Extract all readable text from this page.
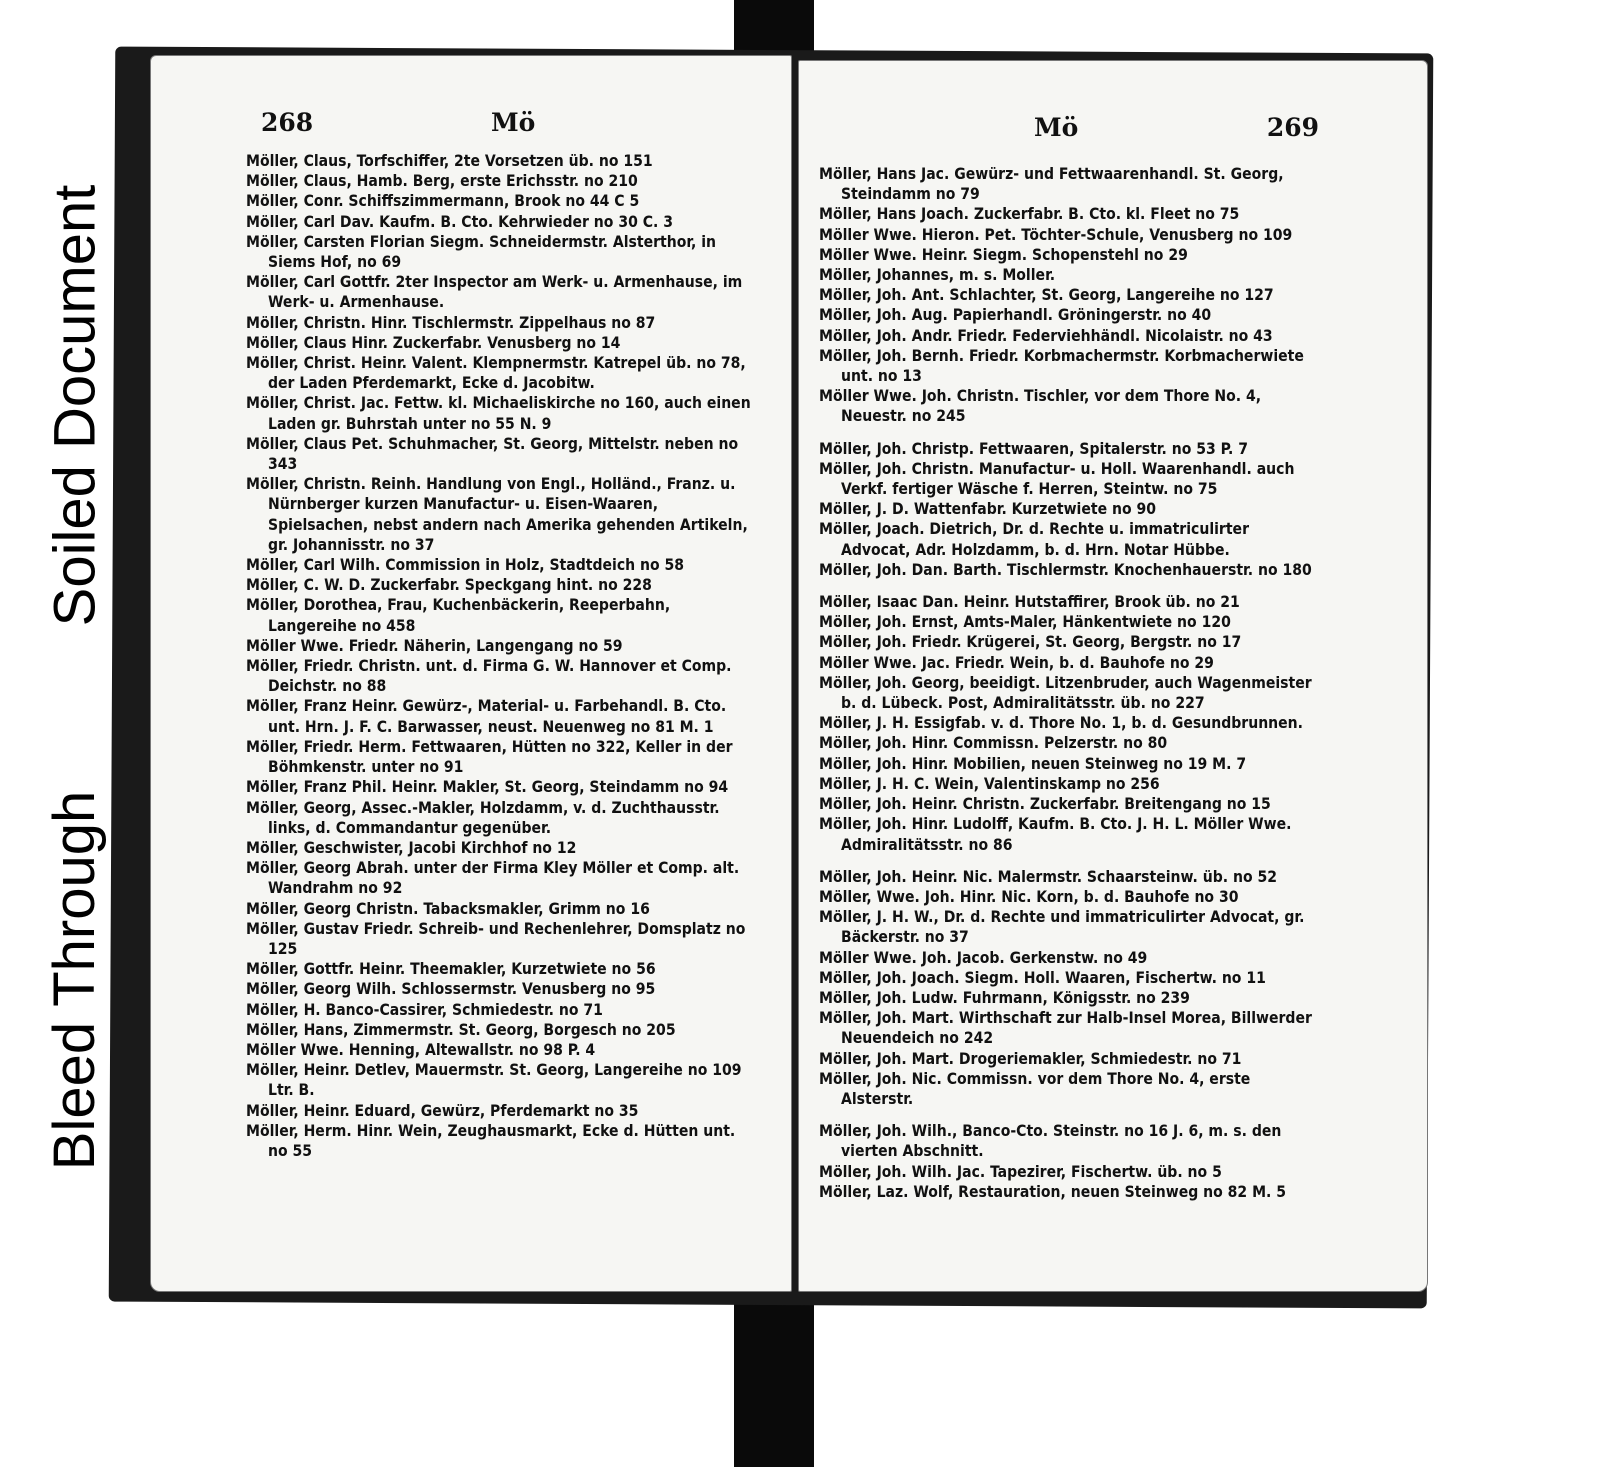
Soiled Document
Bleed Through
268	Mö
Möller, Claus, Torfschiffer, 2te Vorsetzen üb. no 151
Möller, Claus, Hamb. Berg, erste Erichsstr. no 210
Möller, Conr. Schiffszimmermann, Brook no 44 C 5
Möller, Carl Dav. Kaufm. B. Cto. Kehrwieder no 30 C. 3
Möller, Carsten Florian Siegm. Schneidermstr. Alsterthor, in Siems Hof, no 69
Möller, Carl Gottfr. 2ter Inspector am Werk- u. Armenhause, im Werk- u. Armenhause.
Möller, Christn. Hinr. Tischlermstr. Zippelhaus no 87
Möller, Claus Hinr. Zuckerfabr. Venusberg no 14
Möller, Christ. Heinr. Valent. Klempnermstr. Katrepel üb. no 78, der Laden Pferdemarkt, Ecke d. Jacobitw.
Möller, Christ. Jac. Fettw. kl. Michaeliskirche no 160, auch einen Laden gr. Buhrstah unter no 55 N. 9
Möller, Claus Pet. Schuhmacher, St. Georg, Mittelstr. neben no 343
Möller, Christn. Reinh. Handlung von Engl., Holländ., Franz. u. Nürnberger kurzen Manufactur- u. Eisen-Waaren, Spielsachen, nebst andern nach Amerika gehenden Artikeln, gr. Johannisstr. no 37
Möller, Carl Wilh. Commission in Holz, Stadtdeich no 58
Möller, C. W. D. Zuckerfabr. Speckgang hint. no 228
Möller, Dorothea, Frau, Kuchenbäckerin, Reeperbahn, Langereihe no 458
Möller Wwe. Friedr. Näherin, Langengang no 59
Möller, Friedr. Christn. unt. d. Firma G. W. Hannover et Comp. Deichstr. no 88
Möller, Franz Heinr. Gewürz-, Material- u. Farbehandl. B. Cto. unt. Hrn. J. F. C. Barwasser, neust. Neuenweg no 81 M. 1
Möller, Friedr. Herm. Fettwaaren, Hütten no 322, Keller in der Böhmkenstr. unter no 91
Möller, Franz Phil. Heinr. Makler, St. Georg, Steindamm no 94
Möller, Georg, Assec.-Makler, Holzdamm, v. d. Zuchthausstr. links, d. Commandantur gegenüber.
Möller, Geschwister, Jacobi Kirchhof no 12
Möller, Georg Abrah. unter der Firma Kley Möller et Comp. alt. Wandrahm no 92
Möller, Georg Christn. Tabacksmakler, Grimm no 16
Möller, Gustav Friedr. Schreib- und Rechenlehrer, Domsplatz no 125
Möller, Gottfr. Heinr. Theemakler, Kurzetwiete no 56
Möller, Georg Wilh. Schlossermstr. Venusberg no 95
Möller, H. Banco-Cassirer, Schmiedestr. no 71
Möller, Hans, Zimmermstr. St. Georg, Borgesch no 205
Möller Wwe. Henning, Altewallstr. no 98 P. 4
Möller, Heinr. Detlev, Mauermstr. St. Georg, Langereihe no 109 Ltr. B.
Möller, Heinr. Eduard, Gewürz, Pferdemarkt no 35
Möller, Herm. Hinr. Wein, Zeughausmarkt, Ecke d. Hütten unt. no 55
Mö	269
Möller, Hans Jac. Gewürz- und Fettwaarenhandl. St. Georg, Steindamm no 79
Möller, Hans Joach. Zuckerfabr. B. Cto. kl. Fleet no 75
Möller Wwe. Hieron. Pet. Töchter-Schule, Venusberg no 109
Möller Wwe. Heinr. Siegm. Schopenstehl no 29
Möller, Johannes, m. s. Moller.
Möller, Joh. Ant. Schlachter, St. Georg, Langereihe no 127
Möller, Joh. Aug. Papierhandl. Gröningerstr. no 40
Möller, Joh. Andr. Friedr. Federviehhändl. Nicolaistr. no 43
Möller, Joh. Bernh. Friedr. Korbmachermstr. Korbmacherwiete unt. no 13
Möller Wwe. Joh. Christn. Tischler, vor dem Thore No. 4, Neuestr. no 245
Möller, Joh. Christp. Fettwaaren, Spitalerstr. no 53 P. 7
Möller, Joh. Christn. Manufactur- u. Holl. Waarenhandl. auch Verkf. fertiger Wäsche f. Herren, Steintw. no 75
Möller, J. D. Wattenfabr. Kurzetwiete no 90
Möller, Joach. Dietrich, Dr. d. Rechte u. immatriculirter Advocat, Adr. Holzdamm, b. d. Hrn. Notar Hübbe.
Möller, Joh. Dan. Barth. Tischlermstr. Knochenhauerstr. no 180
Möller, Isaac Dan. Heinr. Hutstaffirer, Brook üb. no 21
Möller, Joh. Ernst, Amts-Maler, Hänkentwiete no 120
Möller, Joh. Friedr. Krügerei, St. Georg, Bergstr. no 17
Möller Wwe. Jac. Friedr. Wein, b. d. Bauhofe no 29
Möller, Joh. Georg, beeidigt. Litzenbruder, auch Wagenmeister b. d. Lübeck. Post, Admiralitätsstr. üb. no 227
Möller, J. H. Essigfab. v. d. Thore No. 1, b. d. Gesundbrunnen.
Möller, Joh. Hinr. Commissn. Pelzerstr. no 80
Möller, Joh. Hinr. Mobilien, neuen Steinweg no 19 M. 7
Möller, J. H. C. Wein, Valentinskamp no 256
Möller, Joh. Heinr. Christn. Zuckerfabr. Breitengang no 15
Möller, Joh. Hinr. Ludolff, Kaufm. B. Cto. J. H. L. Möller Wwe. Admiralitätsstr. no 86
Möller, Joh. Heinr. Nic. Malermstr. Schaarsteinw. üb. no 52
Möller, Wwe. Joh. Hinr. Nic. Korn, b. d. Bauhofe no 30
Möller, J. H. W., Dr. d. Rechte und immatriculirter Advocat, gr. Bäckerstr. no 37
Möller Wwe. Joh. Jacob. Gerkenstw. no 49
Möller, Joh. Joach. Siegm. Holl. Waaren, Fischertw. no 11
Möller, Joh. Ludw. Fuhrmann, Königsstr. no 239
Möller, Joh. Mart. Wirthschaft zur Halb-Insel Morea, Billwerder Neuendeich no 242
Möller, Joh. Mart. Drogeriemakler, Schmiedestr. no 71
Möller, Joh. Nic. Commissn. vor dem Thore No. 4, erste Alsterstr.
Möller, Joh. Wilh., Banco-Cto. Steinstr. no 16 J. 6, m. s. den vierten Abschnitt.
Möller, Joh. Wilh. Jac. Tapezirer, Fischertw. üb. no 5
Möller, Laz. Wolf, Restauration, neuen Steinweg no 82 M. 5
